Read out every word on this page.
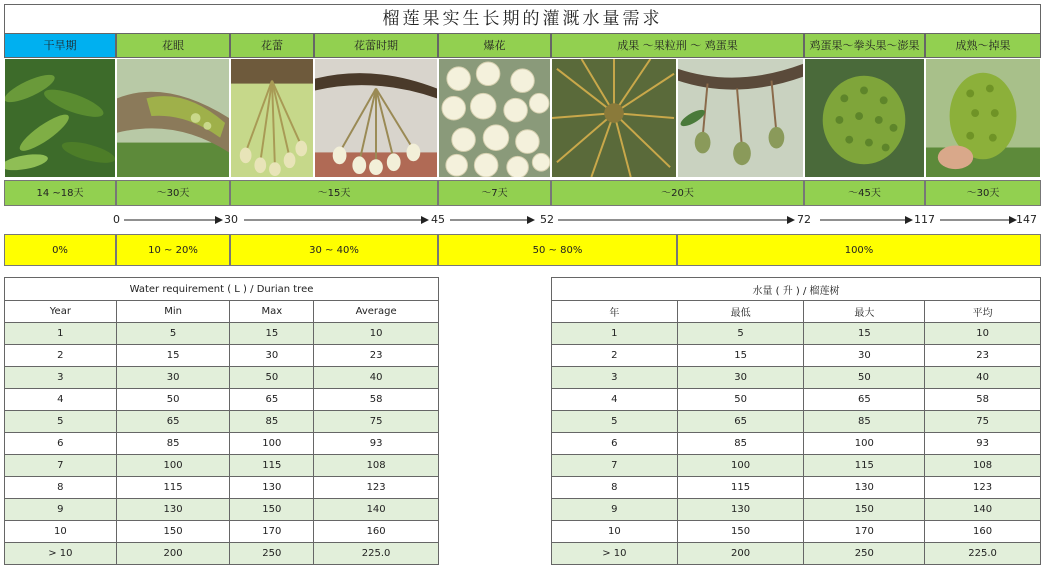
榴莲果实生长期的灌溉水量需求
干旱期	花眼	花蕾	花蕾时期	爆花	成果 ～果粒刑 ～ 鸡蛋果	鸡蛋果～拳头果～澎果	成熟～掉果
14 ~18天	～30天	～15天	～7天	～20天	～45天	～30天
0	30	45	52	72	117	147
0%	10 ~ 20%	30 ~ 40%	50 ~ 80%	100%
Water requirement ( L ) / Durian tree			
Year	Min	Max	Average
1	5	15	10
2	15	30	23
3	30	50	40
4	50	65	58
5	65	85	75
6	85	100	93
7	100	115	108
8	115	130	123
9	130	150	140
10	150	170	160
> 10	200	250	225.0
水量 ( 升 ) / 榴莲树			
年	最低	最大	平均
1	5	15	10
2	15	30	23
3	30	50	40
4	50	65	58
5	65	85	75
6	85	100	93
7	100	115	108
8	115	130	123
9	130	150	140
10	150	170	160
> 10	200	250	225.0
